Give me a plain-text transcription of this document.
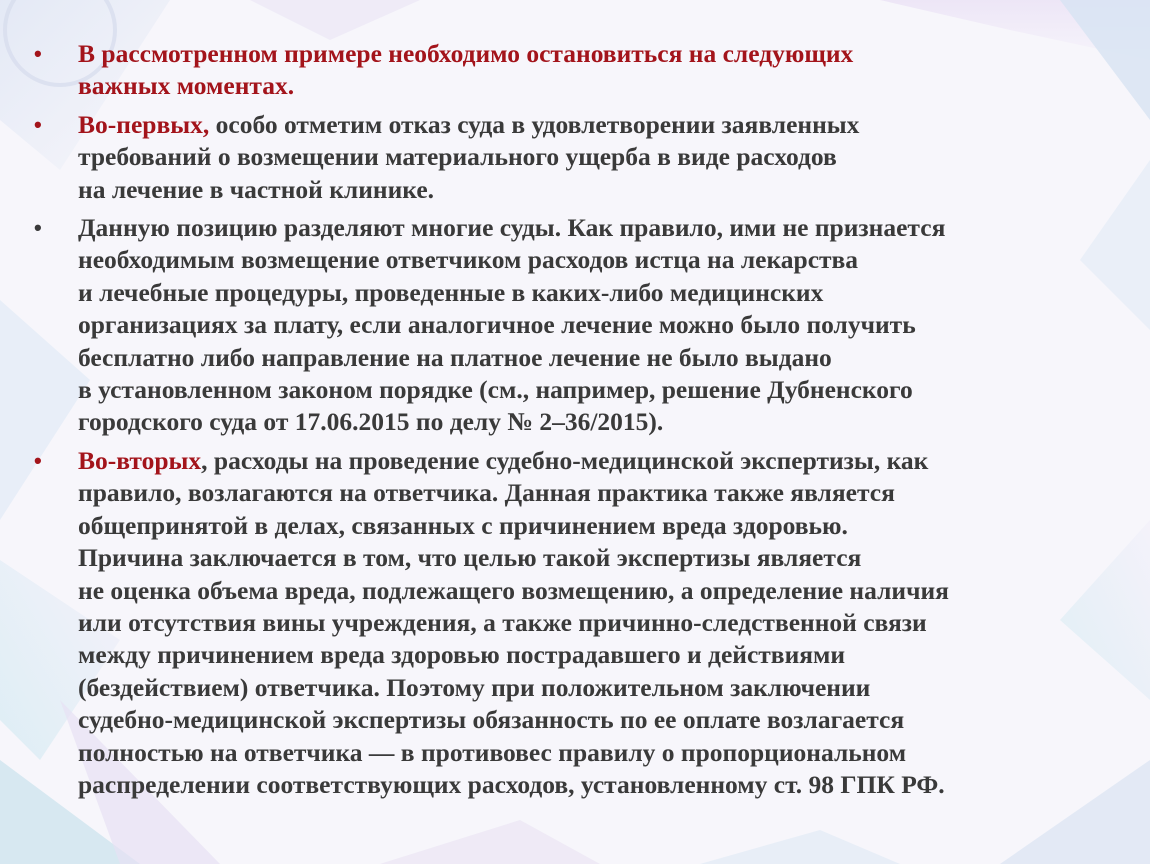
• В рассмотренном примере необходимо остановиться на следующих
важных моментах.
• Во-первых, особо отметим отказ суда в удовлетворении заявленных
требований о возмещении материального ущерба в виде расходов
на лечение в частной клинике.
• Данную позицию разделяют многие суды. Как правило, ими не признается
необходимым возмещение ответчиком расходов истца на лекарства
и лечебные процедуры, проведенные в каких-либо медицинских
организациях за плату, если аналогичное лечение можно было получить
бесплатно либо направление на платное лечение не было выдано
в установленном законом порядке (см., например, решение Дубненского
городского суда от 17.06.2015 по делу № 2–36/2015).
• Во-вторых, расходы на проведение судебно-медицинской экспертизы, как
правило, возлагаются на ответчика. Данная практика также является
общепринятой в делах, связанных с причинением вреда здоровью.
Причина заключается в том, что целью такой экспертизы является
не оценка объема вреда, подлежащего возмещению, а определение наличия
или отсутствия вины учреждения, а также причинно-следственной связи
между причинением вреда здоровью пострадавшего и действиями
(бездействием) ответчика. Поэтому при положительном заключении
судебно-медицинской экспертизы обязанность по ее оплате возлагается
полностью на ответчика — в противовес правилу о пропорциональном
распределении соответствующих расходов, установленному ст. 98 ГПК РФ.
